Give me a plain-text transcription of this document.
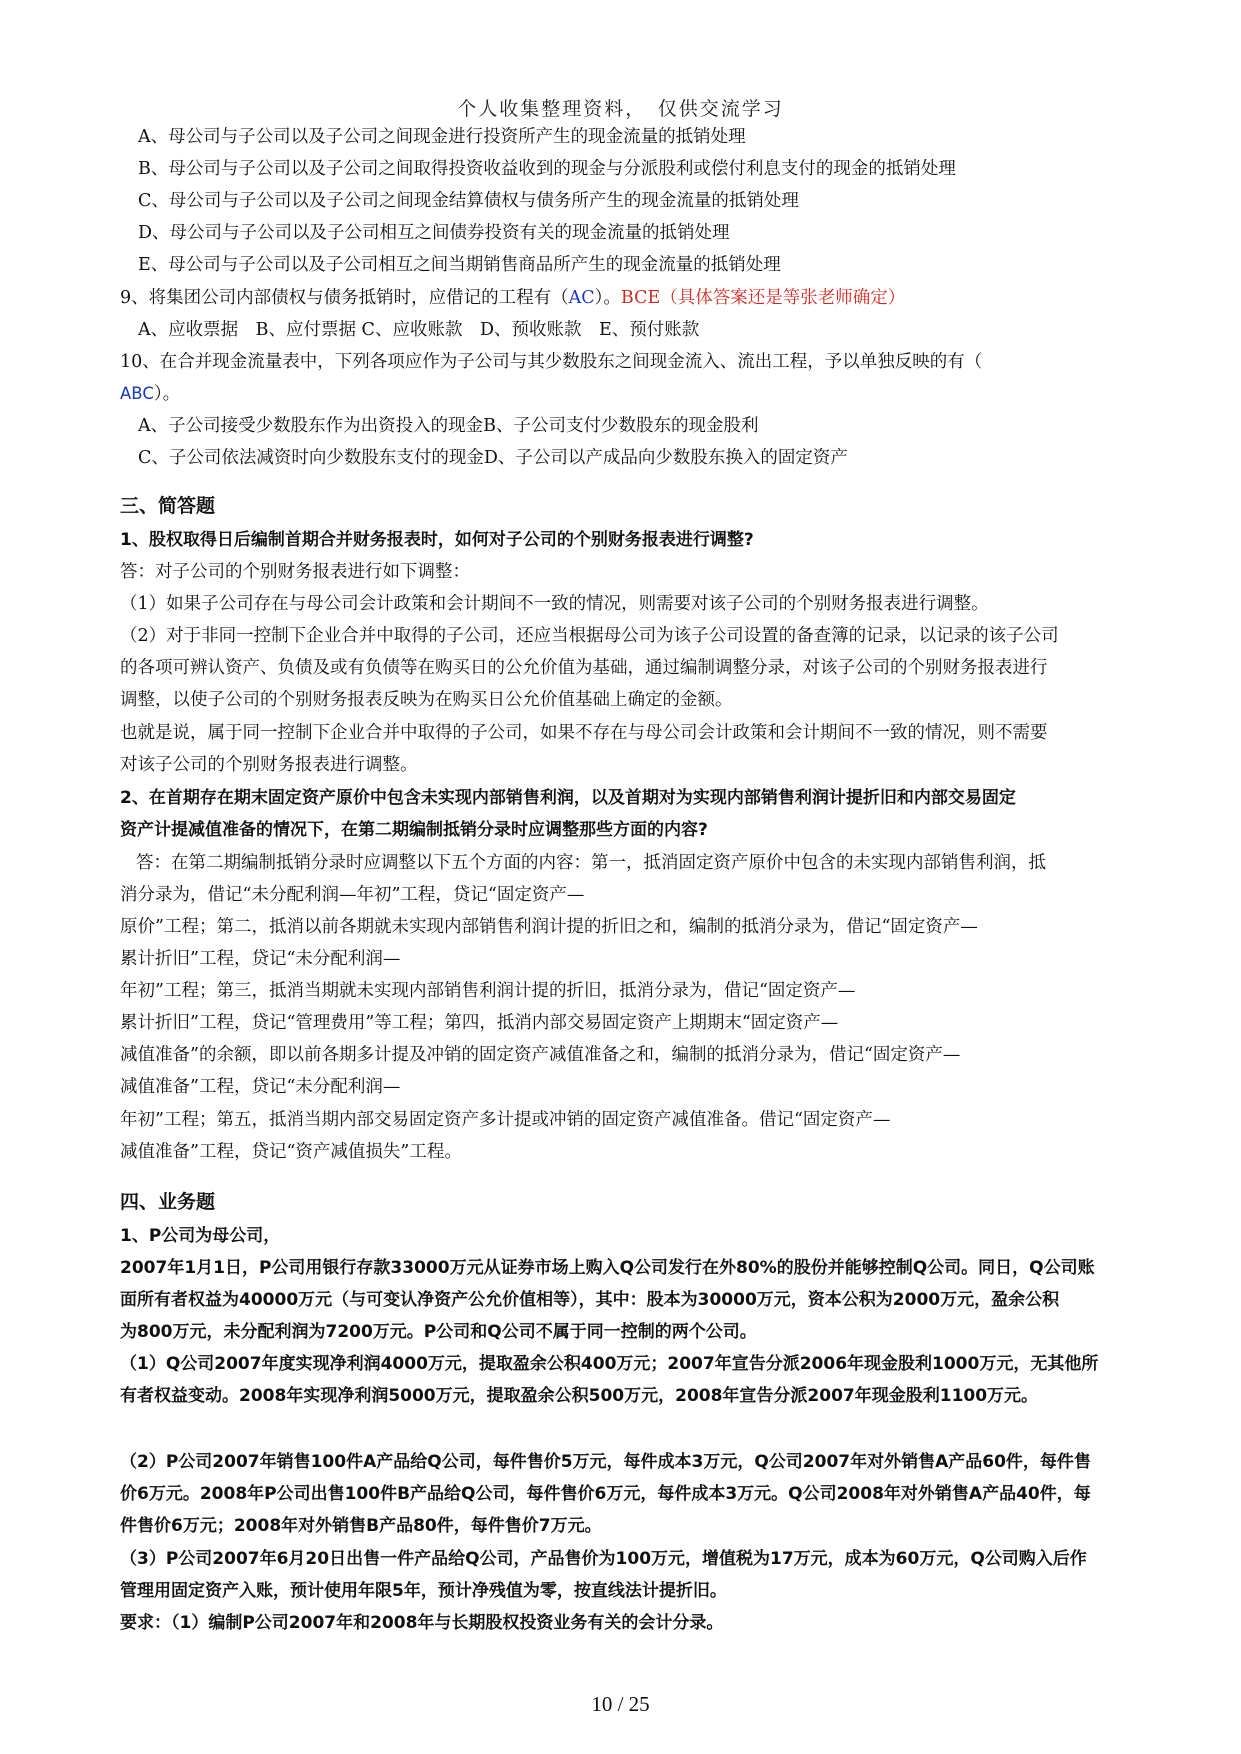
个人收集整理资料，　仅供交流学习
A、母公司与子公司以及子公司之间现金进行投资所产生的现金流量的抵销处理
B、母公司与子公司以及子公司之间取得投资收益收到的现金与分派股利或偿付利息支付的现金的抵销处理
C、母公司与子公司以及子公司之间现金结算债权与债务所产生的现金流量的抵销处理
D、母公司与子公司以及子公司相互之间债券投资有关的现金流量的抵销处理
E、母公司与子公司以及子公司相互之间当期销售商品所产生的现金流量的抵销处理
9、将集团公司内部债权与债务抵销时，应借记的工程有（AC）。BCE（具体答案还是等张老师确定）
A、应收票据　B、应付票据 C、应收账款　D、预收账款　E、预付账款
10、在合并现金流量表中，下列各项应作为子公司与其少数股东之间现金流入、流出工程，予以单独反映的有（
ABC）。
A、子公司接受少数股东作为出资投入的现金B、子公司支付少数股东的现金股利
C、子公司依法减资时向少数股东支付的现金D、子公司以产成品向少数股东换入的固定资产
三、简答题
1、股权取得日后编制首期合并财务报表时，如何对子公司的个别财务报表进行调整?
答：对子公司的个别财务报表进行如下调整：
（1）如果子公司存在与母公司会计政策和会计期间不一致的情况，则需要对该子公司的个别财务报表进行调整。
（2）对于非同一控制下企业合并中取得的子公司，还应当根据母公司为该子公司设置的备查簿的记录，以记录的该子公司
的各项可辨认资产、负债及或有负债等在购买日的公允价值为基础，通过编制调整分录，对该子公司的个别财务报表进行
调整，以使子公司的个别财务报表反映为在购买日公允价值基础上确定的金额。
也就是说，属于同一控制下企业合并中取得的子公司，如果不存在与母公司会计政策和会计期间不一致的情况，则不需要
对该子公司的个别财务报表进行调整。
2、在首期存在期末固定资产原价中包含未实现内部销售利润，以及首期对为实现内部销售利润计提折旧和内部交易固定
资产计提减值准备的情况下，在第二期编制抵销分录时应调整那些方面的内容?
答：在第二期编制抵销分录时应调整以下五个方面的内容：第一，抵消固定资产原价中包含的未实现内部销售利润，抵
消分录为，借记“未分配利润—年初”工程，贷记“固定资产—
原价”工程；第二，抵消以前各期就未实现内部销售利润计提的折旧之和，编制的抵消分录为，借记“固定资产—
累计折旧”工程，贷记“未分配利润—
年初”工程；第三，抵消当期就未实现内部销售利润计提的折旧，抵消分录为，借记“固定资产—
累计折旧”工程，贷记“管理费用”等工程；第四，抵消内部交易固定资产上期期末“固定资产—
减值准备”的余额，即以前各期多计提及冲销的固定资产减值准备之和，编制的抵消分录为，借记“固定资产—
减值准备”工程，贷记“未分配利润—
年初”工程；第五，抵消当期内部交易固定资产多计提或冲销的固定资产减值准备。借记“固定资产—
减值准备”工程，贷记“资产减值损失”工程。
四、业务题
1、P公司为母公司，
2007年1月1日，P公司用银行存款33000万元从证券市场上购入Q公司发行在外80%的股份并能够控制Q公司。同日，Q公司账
面所有者权益为40000万元（与可变认净资产公允价值相等），其中：股本为30000万元，资本公积为2000万元，盈余公积
为800万元，未分配利润为7200万元。P公司和Q公司不属于同一控制的两个公司。
（1）Q公司2007年度实现净利润4000万元，提取盈余公积400万元；2007年宣告分派2006年现金股利1000万元，无其他所
有者权益变动。2008年实现净利润5000万元，提取盈余公积500万元，2008年宣告分派2007年现金股利1100万元。
（2）P公司2007年销售100件A产品给Q公司，每件售价5万元，每件成本3万元，Q公司2007年对外销售A产品60件，每件售
价6万元。2008年P公司出售100件B产品给Q公司，每件售价6万元，每件成本3万元。Q公司2008年对外销售A产品40件，每
件售价6万元；2008年对外销售B产品80件，每件售价7万元。
（3）P公司2007年6月20日出售一件产品给Q公司，产品售价为100万元，增值税为17万元，成本为60万元，Q公司购入后作
管理用固定资产入账，预计使用年限5年，预计净残值为零，按直线法计提折旧。
要求：（1）编制P公司2007年和2008年与长期股权投资业务有关的会计分录。
10 / 25
